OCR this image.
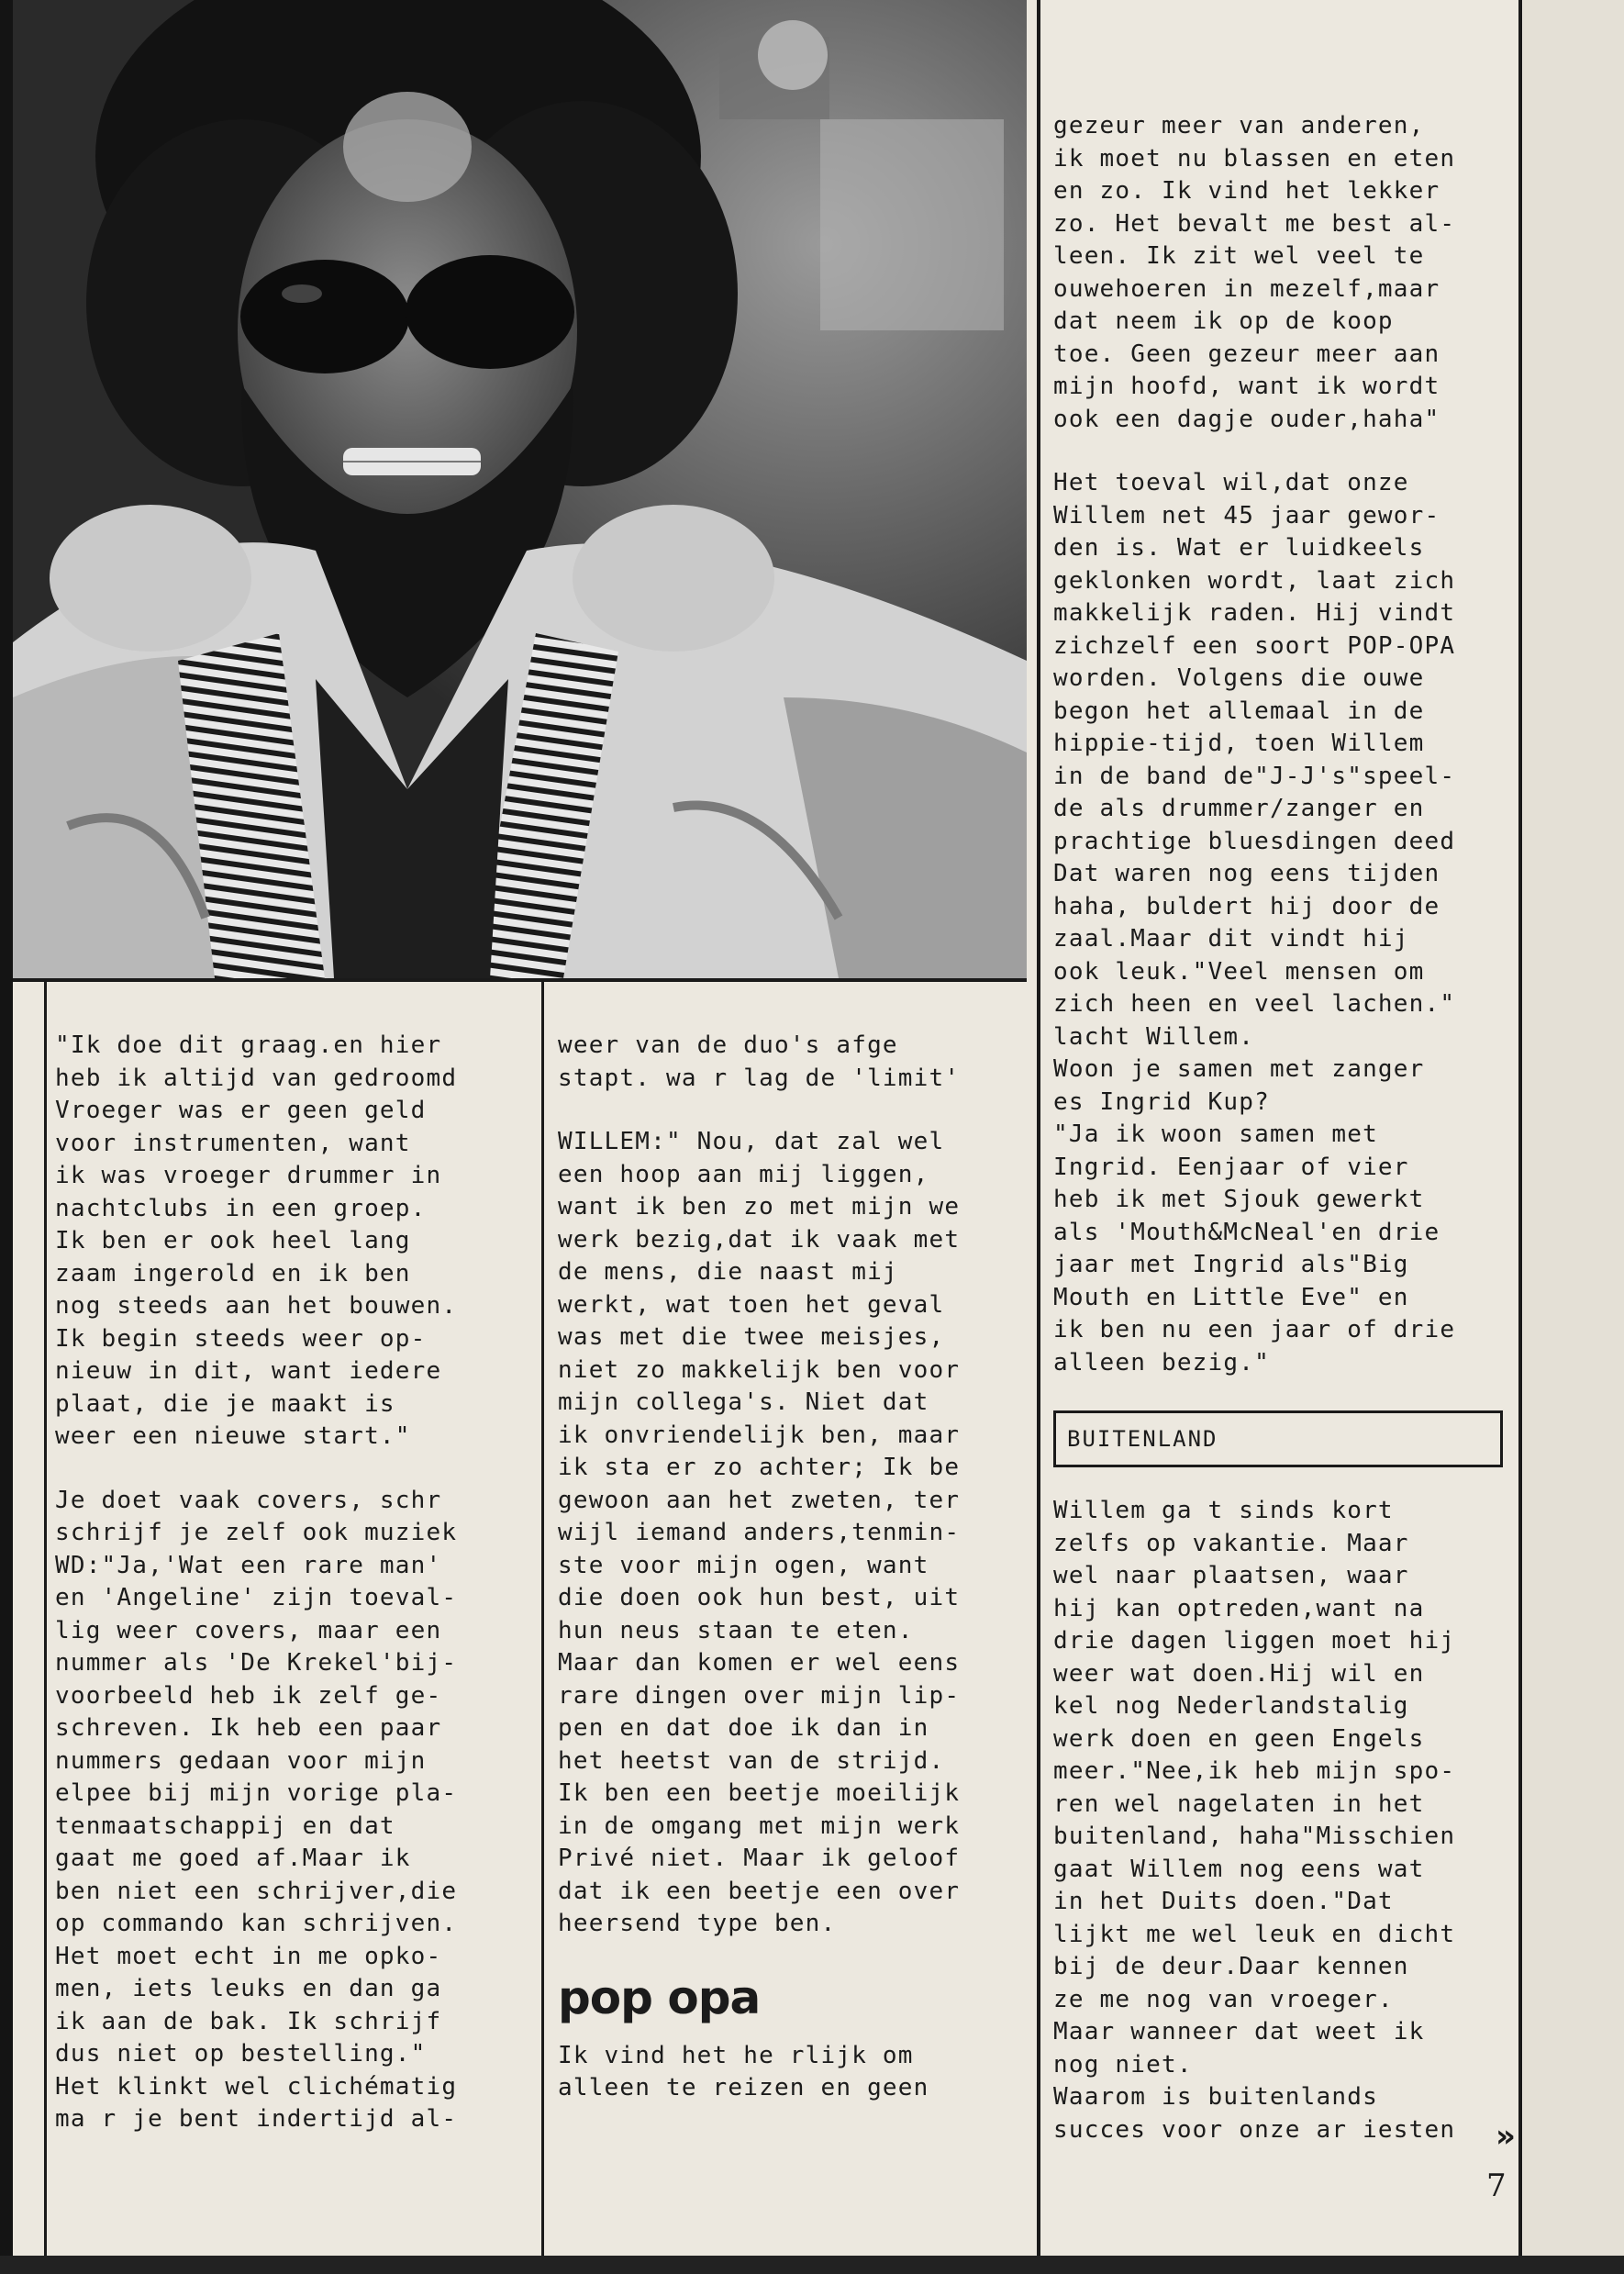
"Ik doe dit graag.en hier
heb ik altijd van gedroomd
Vroeger was er geen geld
voor instrumenten, want
ik was vroeger drummer in
nachtclubs in een groep.
Ik ben er ook heel lang
zaam ingerold en ik ben
nog steeds aan het bouwen.
Ik begin steeds weer op-
nieuw in dit, want iedere
plaat, die je maakt is
weer een nieuwe start."

Je doet vaak covers, schr
schrijf je zelf ook muziek
WD:"Ja,'Wat een rare man'
en 'Angeline' zijn toeval-
lig weer covers, maar een
nummer als 'De Krekel'bij-
voorbeeld heb ik zelf ge-
schreven. Ik heb een paar
nummers gedaan voor mijn
elpee bij mijn vorige pla-
tenmaatschappij en dat
gaat me goed af.Maar ik
ben niet een schrijver,die
op commando kan schrijven.
Het moet echt in me opko-
men, iets leuks en dan ga
ik aan de bak. Ik schrijf
dus niet op bestelling."
Het klinkt wel clichématig
ma r je bent indertijd al-

weer van de duo's afge
stapt. wa r lag de 'limit'

WILLEM:" Nou, dat zal wel
een hoop aan mij liggen,
want ik ben zo met mijn we
werk bezig,dat ik vaak met
de mens, die naast mij
werkt, wat toen het geval
was met die twee meisjes,
niet zo makkelijk ben voor
mijn collega's. Niet dat
ik onvriendelijk ben, maar
ik sta er zo achter; Ik be
gewoon aan het zweten, ter
wijl iemand anders,tenmin-
ste voor mijn ogen, want
die doen ook hun best, uit
hun neus staan te eten.
Maar dan komen er wel eens
rare dingen over mijn lip-
pen en dat doe ik dan in
het heetst van de strijd.
Ik ben een beetje moeilijk
in de omgang met mijn werk
Privé niet. Maar ik geloof
dat ik een beetje een over
heersend type ben.

pop opa

Ik vind het he rlijk om
alleen te reizen en geen

gezeur meer van anderen,
ik moet nu blassen en eten
en zo. Ik vind het lekker
zo. Het bevalt me best al-
leen. Ik zit wel veel te
ouwehoeren in mezelf,maar
dat neem ik op de koop
toe. Geen gezeur meer aan
mijn hoofd, want ik wordt
ook een dagje ouder,haha"

Het toeval wil,dat onze
Willem net 45 jaar gewor-
den is. Wat er luidkeels
geklonken wordt, laat zich
makkelijk raden. Hij vindt
zichzelf een soort POP-OPA
worden. Volgens die ouwe
begon het allemaal in de
hippie-tijd, toen Willem
in de band de"J-J's"speel-
de als drummer/zanger en
prachtige bluesdingen deed
Dat waren nog eens tijden
haha, buldert hij door de
zaal.Maar dit vindt hij
ook leuk."Veel mensen om
zich heen en veel lachen."
lacht Willem.
Woon je samen met zanger
es Ingrid Kup?
"Ja ik woon samen met
Ingrid. Eenjaar of vier
heb ik met Sjouk gewerkt
als 'Mouth&McNeal'en drie
jaar met Ingrid als"Big
Mouth en Little Eve" en
ik ben nu een jaar of drie
alleen bezig."

BUITENLAND

Willem ga t sinds kort
zelfs op vakantie. Maar
wel naar plaatsen, waar
hij kan optreden,want na
drie dagen liggen moet hij
weer wat doen.Hij wil en
kel nog Nederlandstalig
werk doen en geen Engels
meer."Nee,ik heb mijn spo-
ren wel nagelaten in het
buitenland, haha"Misschien
gaat Willem nog eens wat
in het Duits doen."Dat
lijkt me wel leuk en dicht
bij de deur.Daar kennen
ze me nog van vroeger.
Maar wanneer dat weet ik
nog niet.
Waarom is buitenlands
succes voor onze ar iesten	»
7
